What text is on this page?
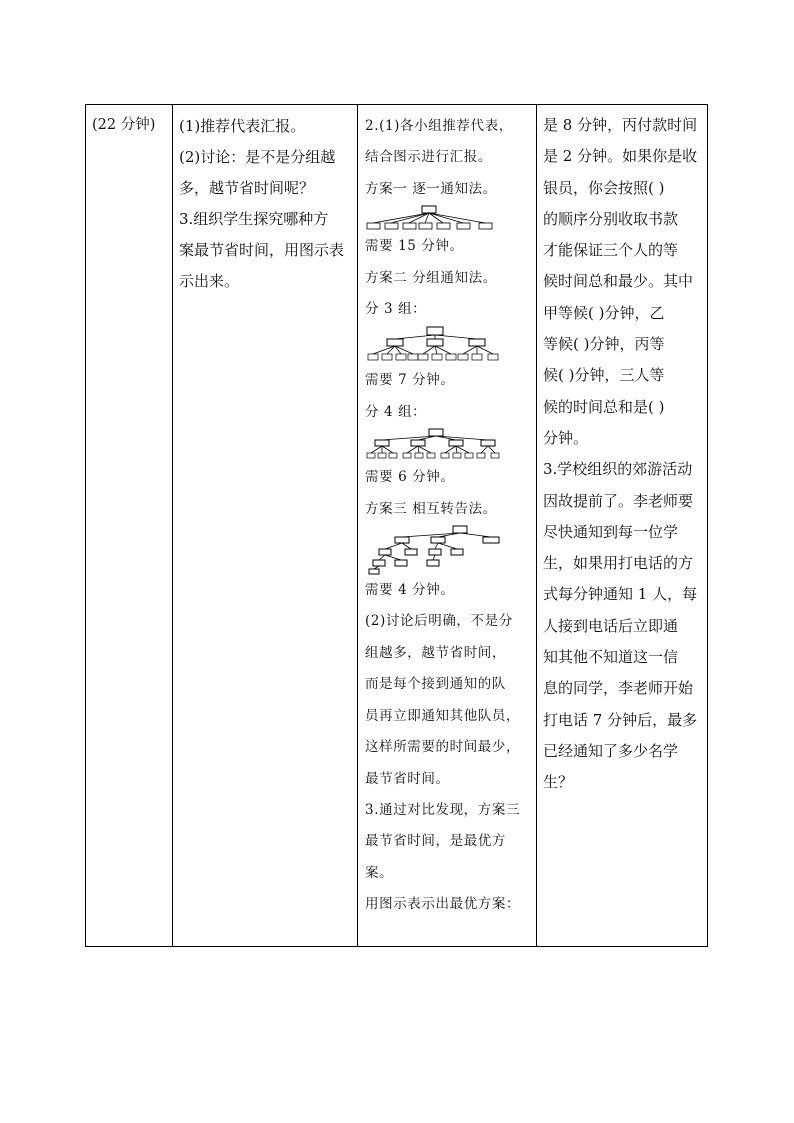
(22 分钟)	(1)推荐代表汇报。
(2)讨论：是不是分组越
多，越节省时间呢？
3.组织学生探究哪种方
案最节省时间，用图示表
示出来。
2.(1)各小组推荐代表，
结合图示进行汇报。
方案一 逐一通知法。
需要 15 分钟。
方案二 分组通知法。
分 3 组：
需要 7 分钟。
分 4 组：
需要 6 分钟。
方案三 相互转告法。
需要 4 分钟。
(2)讨论后明确，不是分
组越多，越节省时间，
而是每个接到通知的队
员再立即通知其他队员，
这样所需要的时间最少，
最节省时间。
3.通过对比发现，方案三
最节省时间，是最优方
案。
用图示表示出最优方案：
是 8 分钟，丙付款时间
是 2 分钟。如果你是收
银员，你会按照( )
的顺序分别收取书款
才能保证三个人的等
候时间总和最少。其中
甲等候( )分钟，乙
等候( )分钟，丙等
候( )分钟，三人等
候的时间总和是( )
分钟。
3.学校组织的郊游活动
因故提前了。李老师要
尽快通知到每一位学
生，如果用打电话的方
式每分钟通知 1 人，每
人接到电话后立即通
知其他不知道这一信
息的同学，李老师开始
打电话 7 分钟后，最多
已经通知了多少名学
生？
